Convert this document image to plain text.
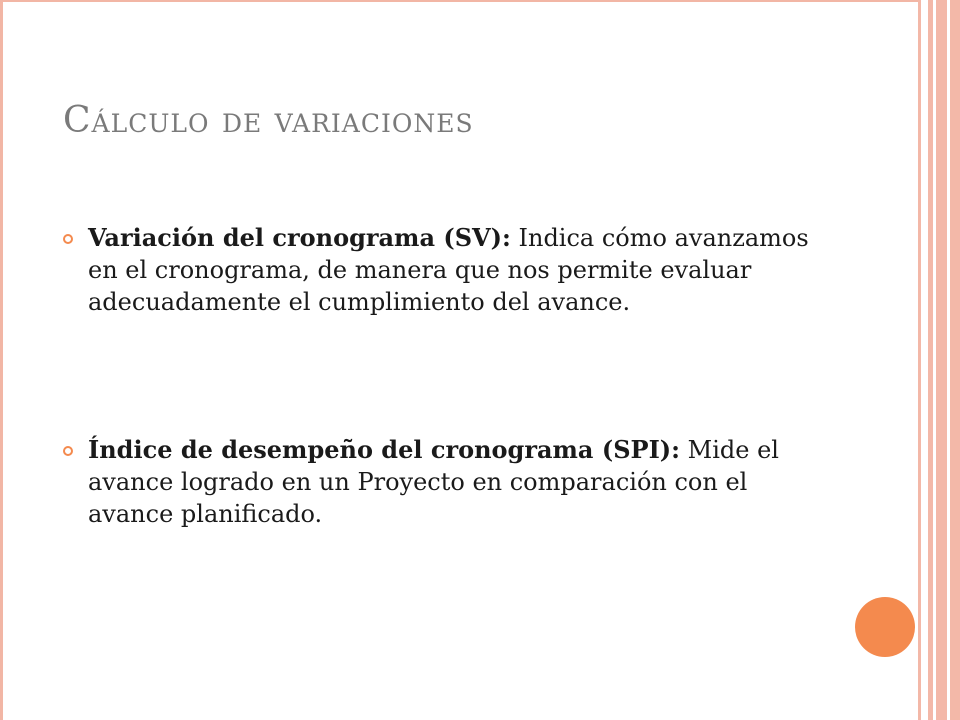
Cálculo de variaciones
Variación del cronograma (SV): Indica cómo avanzamos en el cronograma, de manera que nos permite evaluar adecuadamente el cumplimiento del avance.
Índice de desempeño del cronograma (SPI): Mide el avance logrado en un Proyecto en comparación con el avance planificado.
